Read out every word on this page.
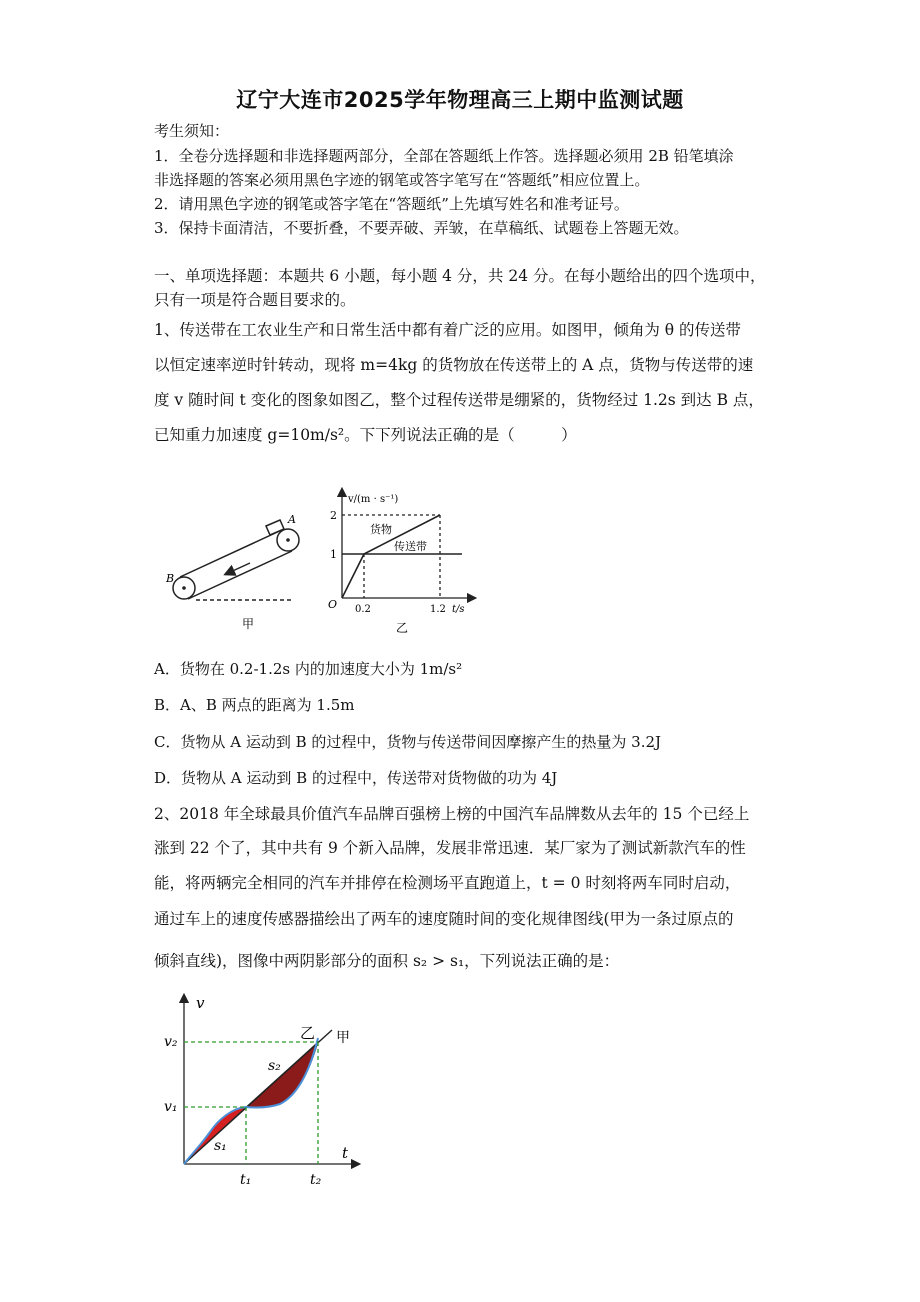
辽宁大连市2025学年物理高三上期中监测试题
考生须知：
1．全卷分选择题和非选择题两部分，全部在答题纸上作答。选择题必须用 2B 铅笔填涂
非选择题的答案必须用黑色字迹的钢笔或答字笔写在“答题纸”相应位置上。
2．请用黑色字迹的钢笔或答字笔在“答题纸”上先填写姓名和准考证号。
3．保持卡面清洁，不要折叠，不要弄破、弄皱，在草稿纸、试题卷上答题无效。
一、单项选择题：本题共 6 小题，每小题 4 分，共 24 分。在每小题给出的四个选项中，
只有一项是符合题目要求的。
1、传送带在工农业生产和日常生活中都有着广泛的应用。如图甲，倾角为 θ 的传送带
以恒定速率逆时针转动，现将 m=4kg 的货物放在传送带上的 A 点，货物与传送带的速
度 v 随时间 t 变化的图象如图乙，整个过程传送带是绷紧的，货物经过 1.2s 到达 B 点，
已知重力加速度 g=10m/s²。下下列说法正确的是（　　　）
A
B
甲
v/(m · s⁻¹)
2
1
O 0.2	1.2 t/s
货物
传送带
乙
A．货物在 0.2-1.2s 内的加速度大小为 1m/s²
B．A、B 两点的距离为 1.5m
C．货物从 A 运动到 B 的过程中，货物与传送带间因摩擦产生的热量为 3.2J
D．货物从 A 运动到 B 的过程中，传送带对货物做的功为 4J
2、2018 年全球最具价值汽车品牌百强榜上榜的中国汽车品牌数从去年的 15 个已经上
涨到 22 个了，其中共有 9 个新入品牌，发展非常迅速．某厂家为了测试新款汽车的性
能，将两辆完全相同的汽车并排停在检测场平直跑道上，t = 0 时刻将两车同时启动，
通过车上的速度传感器描绘出了两车的速度随时间的变化规律图线(甲为一条过原点的
倾斜直线)，图像中两阴影部分的面积 s₂ > s₁，下列说法正确的是：
v
t
v₂
v₁
t₁	t₂
s₁
s₂
乙 甲
